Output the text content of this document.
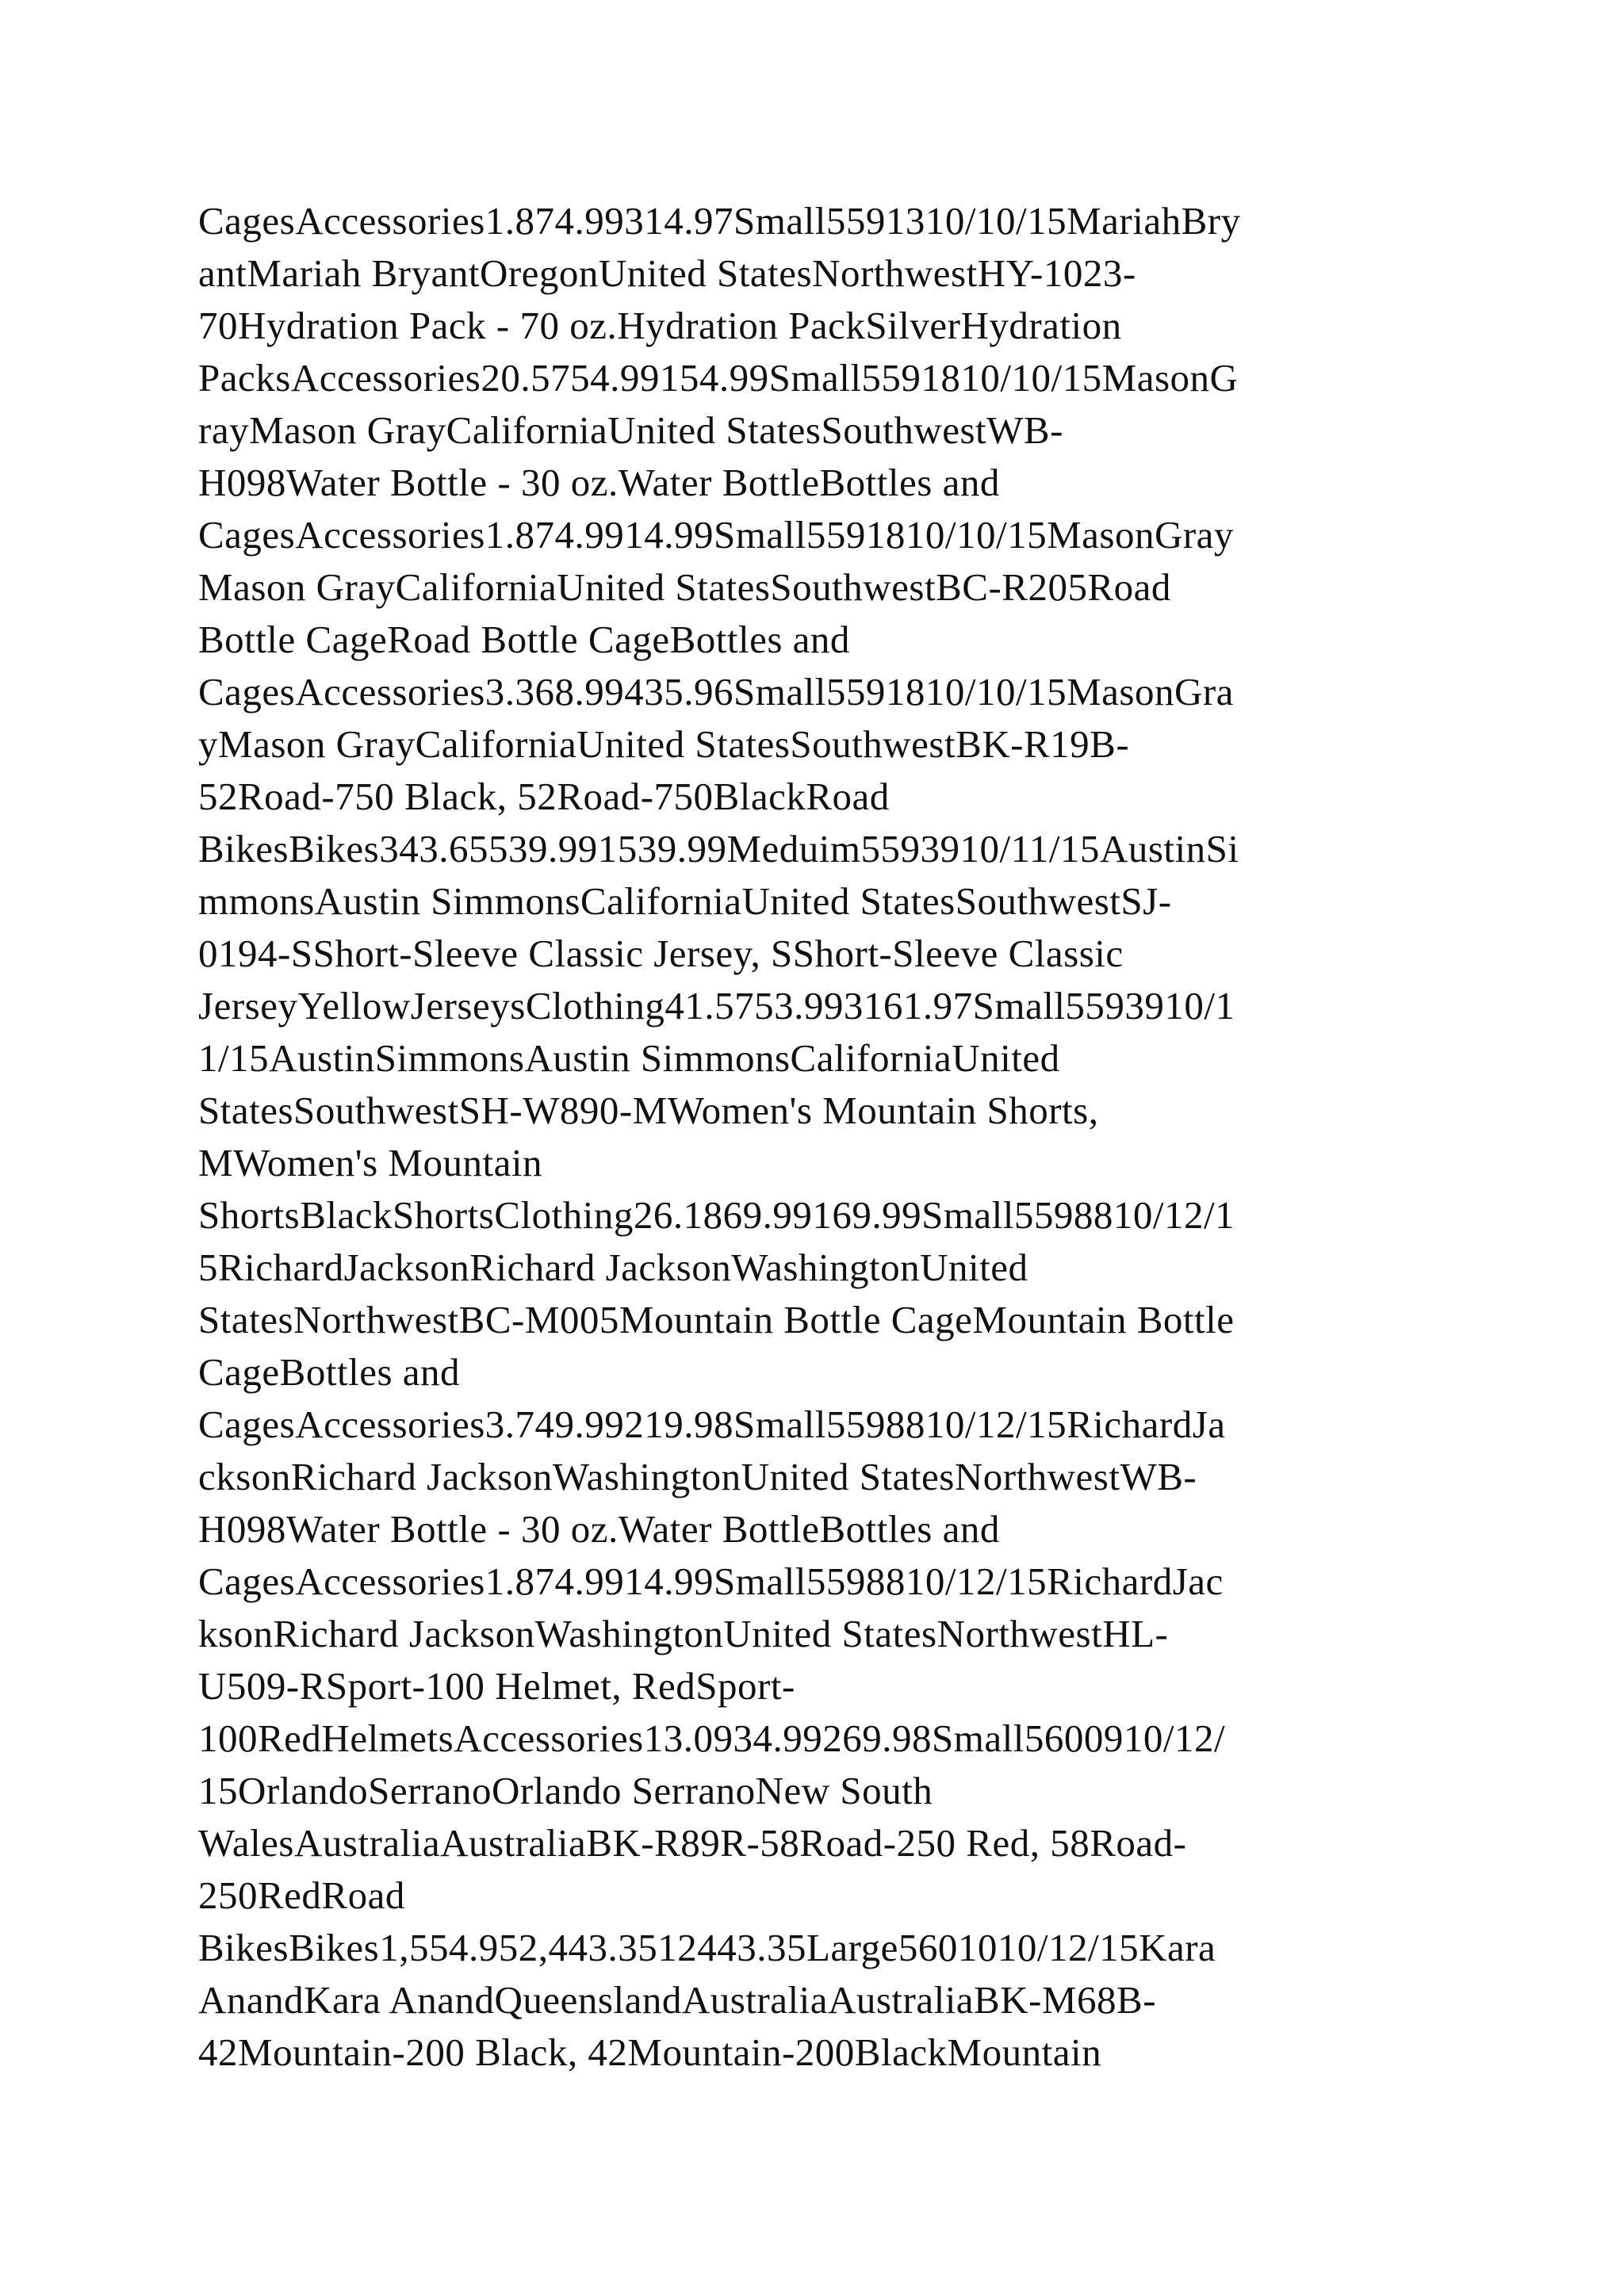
CagesAccessories1.874.99314.97Small5591310/10/15MariahBry
antMariah BryantOregonUnited StatesNorthwestHY-1023-
70Hydration Pack - 70 oz.Hydration PackSilverHydration
PacksAccessories20.5754.99154.99Small5591810/10/15MasonG
rayMason GrayCaliforniaUnited StatesSouthwestWB-
H098Water Bottle - 30 oz.Water BottleBottles and
CagesAccessories1.874.9914.99Small5591810/10/15MasonGray
Mason GrayCaliforniaUnited StatesSouthwestBC-R205Road
Bottle CageRoad Bottle CageBottles and
CagesAccessories3.368.99435.96Small5591810/10/15MasonGra
yMason GrayCaliforniaUnited StatesSouthwestBK-R19B-
52Road-750 Black, 52Road-750BlackRoad
BikesBikes343.65539.991539.99Meduim5593910/11/15AustinSi
mmonsAustin SimmonsCaliforniaUnited StatesSouthwestSJ-
0194-SShort-Sleeve Classic Jersey, SShort-Sleeve Classic
JerseyYellowJerseysClothing41.5753.993161.97Small5593910/1
1/15AustinSimmonsAustin SimmonsCaliforniaUnited
StatesSouthwestSH-W890-MWomen's Mountain Shorts,
MWomen's Mountain
ShortsBlackShortsClothing26.1869.99169.99Small5598810/12/1
5RichardJacksonRichard JacksonWashingtonUnited
StatesNorthwestBC-M005Mountain Bottle CageMountain Bottle
CageBottles and
CagesAccessories3.749.99219.98Small5598810/12/15RichardJa
cksonRichard JacksonWashingtonUnited StatesNorthwestWB-
H098Water Bottle - 30 oz.Water BottleBottles and
CagesAccessories1.874.9914.99Small5598810/12/15RichardJac
ksonRichard JacksonWashingtonUnited StatesNorthwestHL-
U509-RSport-100 Helmet, RedSport-
100RedHelmetsAccessories13.0934.99269.98Small5600910/12/
15OrlandoSerranoOrlando SerranoNew South
WalesAustraliaAustraliaBK-R89R-58Road-250 Red, 58Road-
250RedRoad
BikesBikes1,554.952,443.3512443.35Large5601010/12/15Kara
AnandKara AnandQueenslandAustraliaAustraliaBK-M68B-
42Mountain-200 Black, 42Mountain-200BlackMountain
